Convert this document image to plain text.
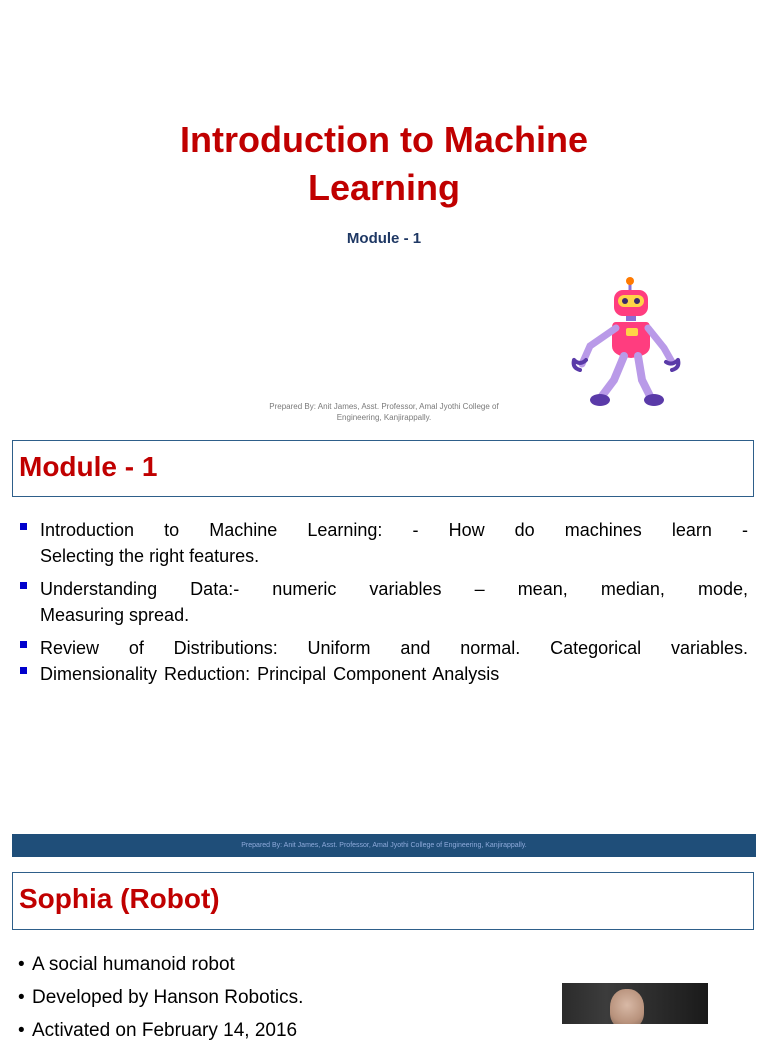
Introduction to Machine
Learning
Module - 1
Prepared By: Anit James, Asst. Professor, Amal Jyothi College of
Engineering, Kanjirappally.
Module - 1
Introduction to Machine Learning: - How do machines learn -
Selecting the right features.
Understanding Data:- numeric variables – mean, median, mode,
Measuring spread.
Review of Distributions: Uniform and normal. Categorical variables.
Dimensionality Reduction: Principal Component Analysis
Prepared By: Anit James, Asst. Professor, Amal Jyothi College of Engineering, Kanjirappally.
Sophia (Robot)
• A social humanoid robot
• Developed by Hanson Robotics.
• Activated on February 14, 2016
